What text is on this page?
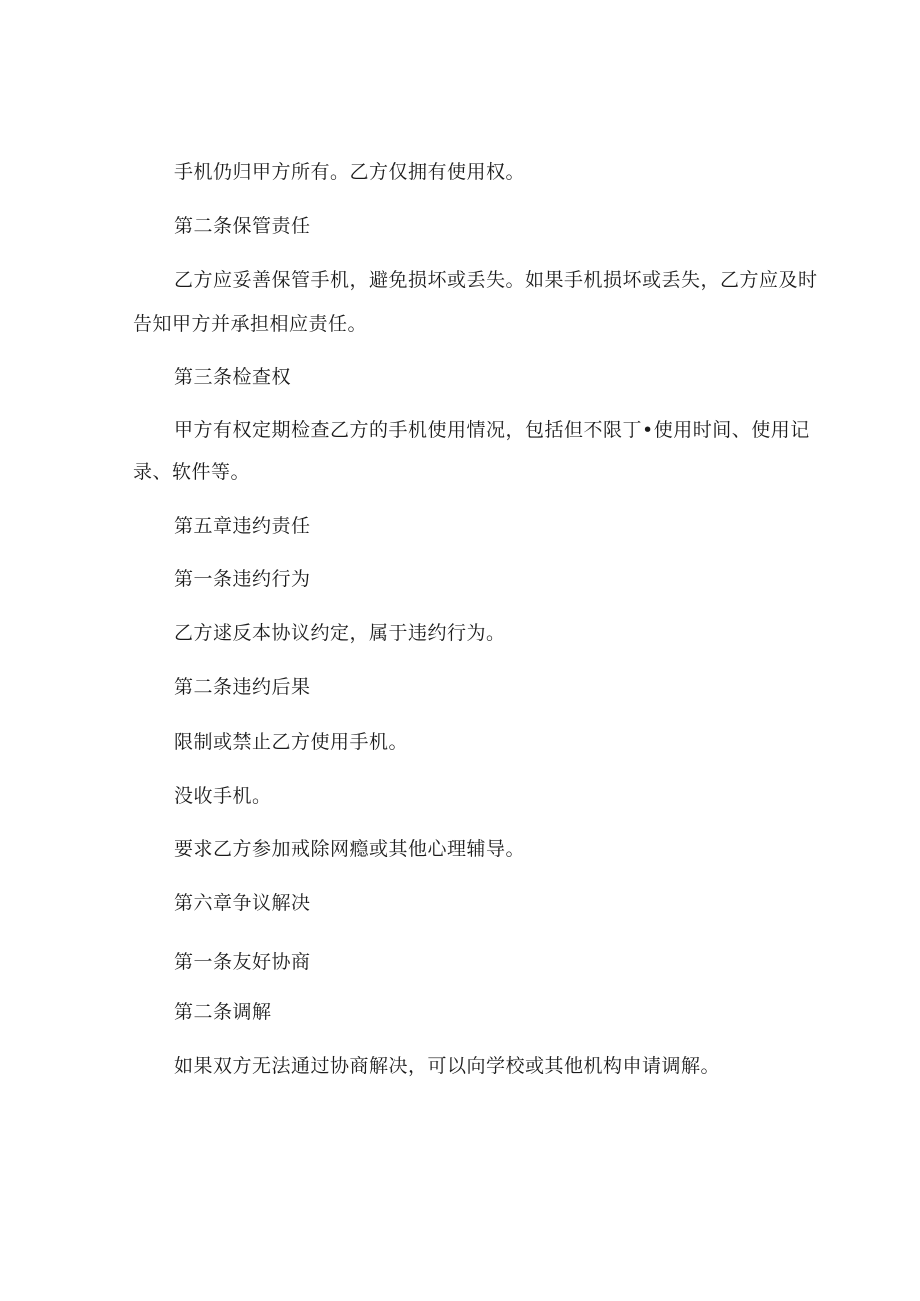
手机仍归甲方所有。乙方仅拥有使用权。
第二条保管责任
乙方应妥善保管手机，避免损坏或丢失。如果手机损坏或丢失，乙方应及时
告知甲方并承担相应责任。
第三条检查权
甲方有权定期检查乙方的手机使用情况，包括但不限丁•使用时间、使用记
录、软件等。
第五章违约责任
第一条违约行为
乙方逑反本协议约定，属于违约行为。
第二条违约后果
限制或禁止乙方使用手机。
没收手机。
要求乙方参加戒除网瘾或其他心理辅导。
第六章争议解决
第一条友好协商
第二条调解
如果双方无法通过协商解决，可以向学校或其他机构申请调解。
